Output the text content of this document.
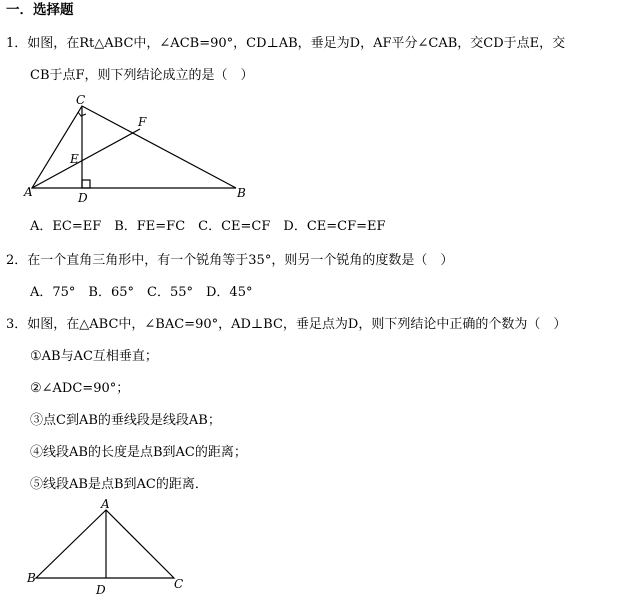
一．选择题
1．如图，在Rt△ABC中，∠ACB=90°，CD⊥AB，垂足为D，AF平分∠CAB，交CD于点E，交
CB于点F，则下列结论成立的是（　）
C
F
E
A	D	B
A．EC=EF　B．FE=FC　C．CE=CF　D．CE=CF=EF
2．在一个直角三角形中，有一个锐角等于35°，则另一个锐角的度数是（　）
A．75°　B．65°　C．55°　D．45°
3．如图，在△ABC中，∠BAC=90°，AD⊥BC，垂足点为D，则下列结论中正确的个数为（　）
①AB与AC互相垂直；
②∠ADC=90°；
③点C到AB的垂线段是线段AB；
④线段AB的长度是点B到AC的距离；
⑤线段AB是点B到AC的距离．
A
B
D	C
